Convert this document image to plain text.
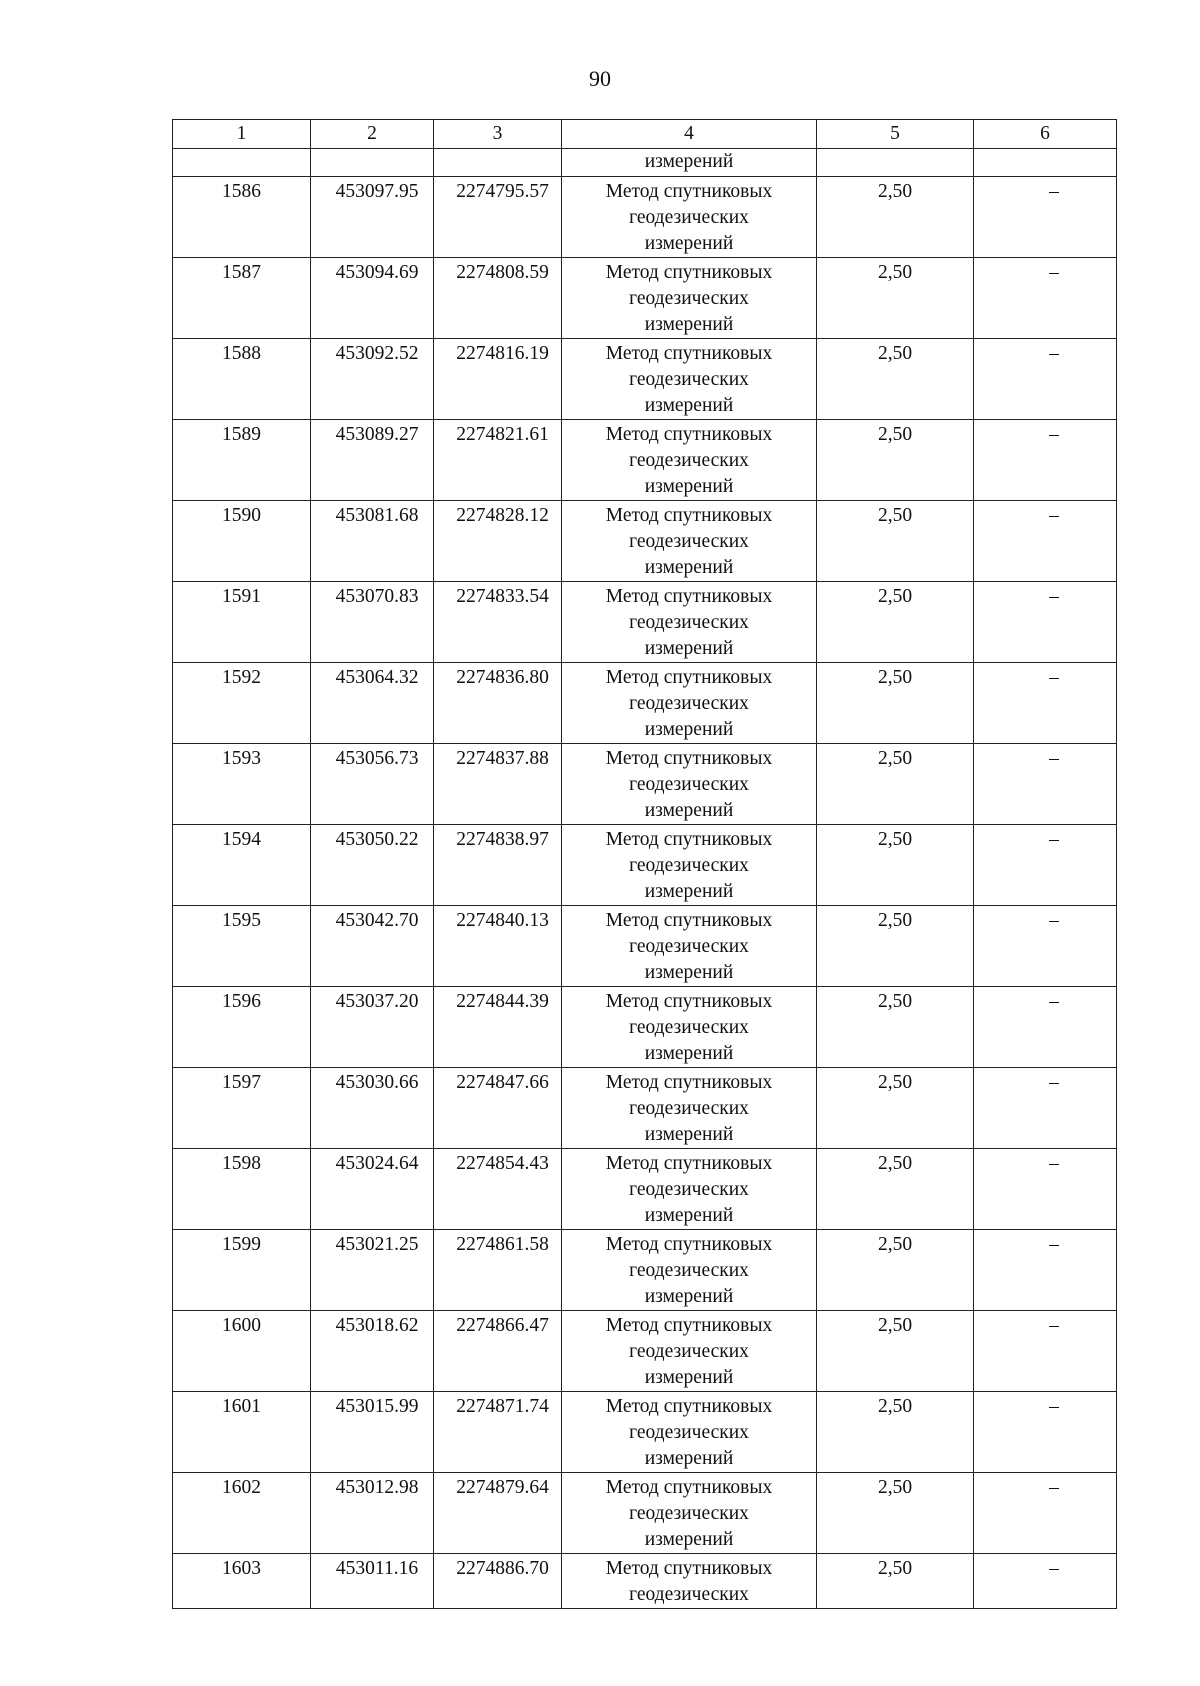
90
1	2	3	4	5	6
			измерений		
1586	453097.95	2274795.57	Метод спутниковых
геодезических
измерений	2,50	–
1587	453094.69	2274808.59	Метод спутниковых
геодезических
измерений	2,50	–
1588	453092.52	2274816.19	Метод спутниковых
геодезических
измерений	2,50	–
1589	453089.27	2274821.61	Метод спутниковых
геодезических
измерений	2,50	–
1590	453081.68	2274828.12	Метод спутниковых
геодезических
измерений	2,50	–
1591	453070.83	2274833.54	Метод спутниковых
геодезических
измерений	2,50	–
1592	453064.32	2274836.80	Метод спутниковых
геодезических
измерений	2,50	–
1593	453056.73	2274837.88	Метод спутниковых
геодезических
измерений	2,50	–
1594	453050.22	2274838.97	Метод спутниковых
геодезических
измерений	2,50	–
1595	453042.70	2274840.13	Метод спутниковых
геодезических
измерений	2,50	–
1596	453037.20	2274844.39	Метод спутниковых
геодезических
измерений	2,50	–
1597	453030.66	2274847.66	Метод спутниковых
геодезических
измерений	2,50	–
1598	453024.64	2274854.43	Метод спутниковых
геодезических
измерений	2,50	–
1599	453021.25	2274861.58	Метод спутниковых
геодезических
измерений	2,50	–
1600	453018.62	2274866.47	Метод спутниковых
геодезических
измерений	2,50	–
1601	453015.99	2274871.74	Метод спутниковых
геодезических
измерений	2,50	–
1602	453012.98	2274879.64	Метод спутниковых
геодезических
измерений	2,50	–
1603	453011.16	2274886.70	Метод спутниковых
геодезических	2,50	–
